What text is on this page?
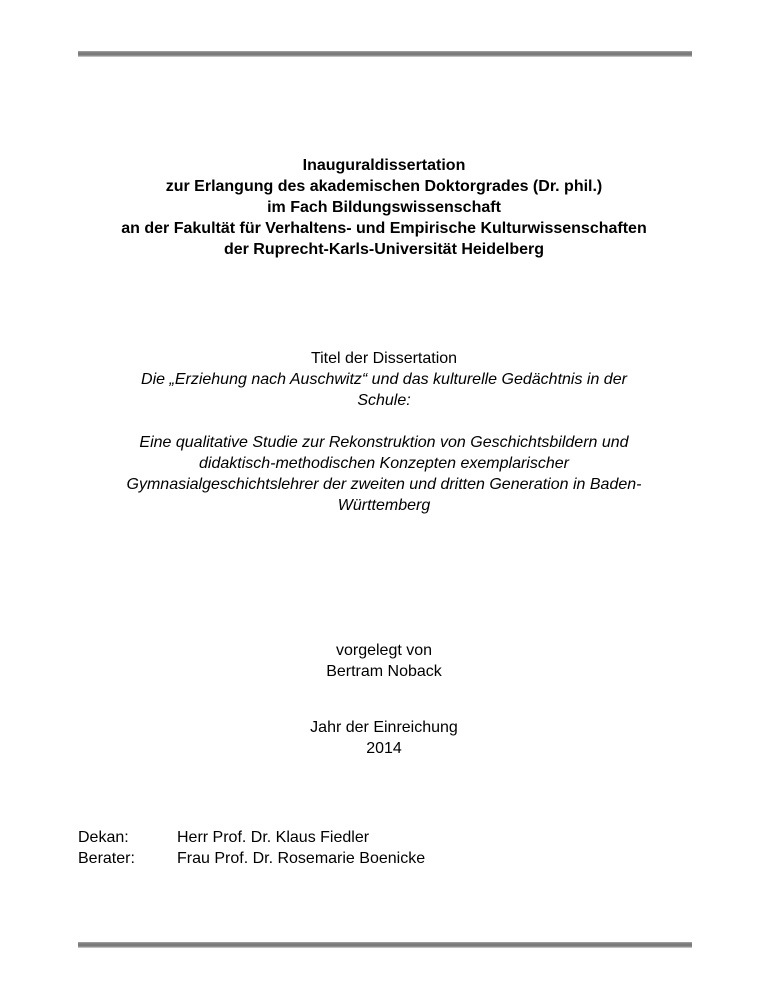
Inauguraldissertation
zur Erlangung des akademischen Doktorgrades (Dr. phil.)
im Fach Bildungswissenschaft
an der Fakultät für Verhaltens- und Empirische Kulturwissenschaften
der Ruprecht-Karls-Universität Heidelberg
Titel der Dissertation
Die „Erziehung nach Auschwitz“ und das kulturelle Gedächtnis in der
Schule:
Eine qualitative Studie zur Rekonstruktion von Geschichtsbildern und
didaktisch-methodischen Konzepten exemplarischer
Gymnasialgeschichtslehrer der zweiten und dritten Generation in Baden-
Württemberg
vorgelegt von
Bertram Noback
Jahr der Einreichung
2014
Dekan:	Herr Prof. Dr. Klaus Fiedler
Berater:	Frau Prof. Dr. Rosemarie Boenicke
